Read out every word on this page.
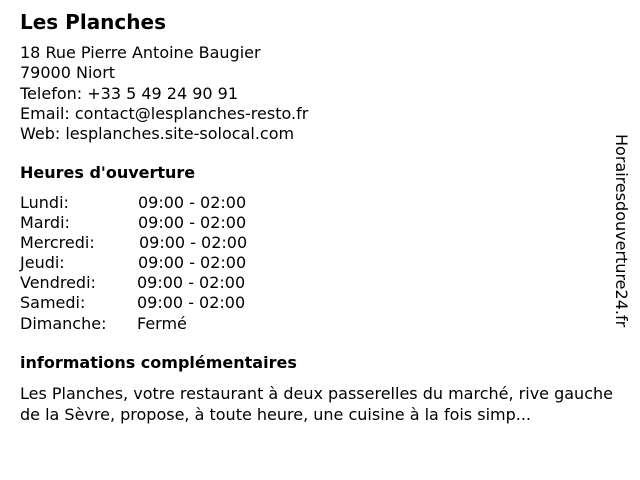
Les Planches
18 Rue Pierre Antoine Baugier
79000 Niort
Telefon: +33 5 49 24 90 91
Email: contact@lesplanches-resto.fr
Web: lesplanches.site-solocal.com
Heures d'ouverture
Lundi:	09:00 - 02:00
Mardi:	09:00 - 02:00
Mercredi:	09:00 - 02:00
Jeudi:	09:00 - 02:00
Vendredi:	09:00 - 02:00
Samedi:	09:00 - 02:00
Dimanche: Fermé
informations complémentaires
Les Planches, votre restaurant à deux passerelles du marché, rive gauche de la Sèvre, propose, à toute heure, une cuisine à la fois simp...
Horairesdouverture24.fr
